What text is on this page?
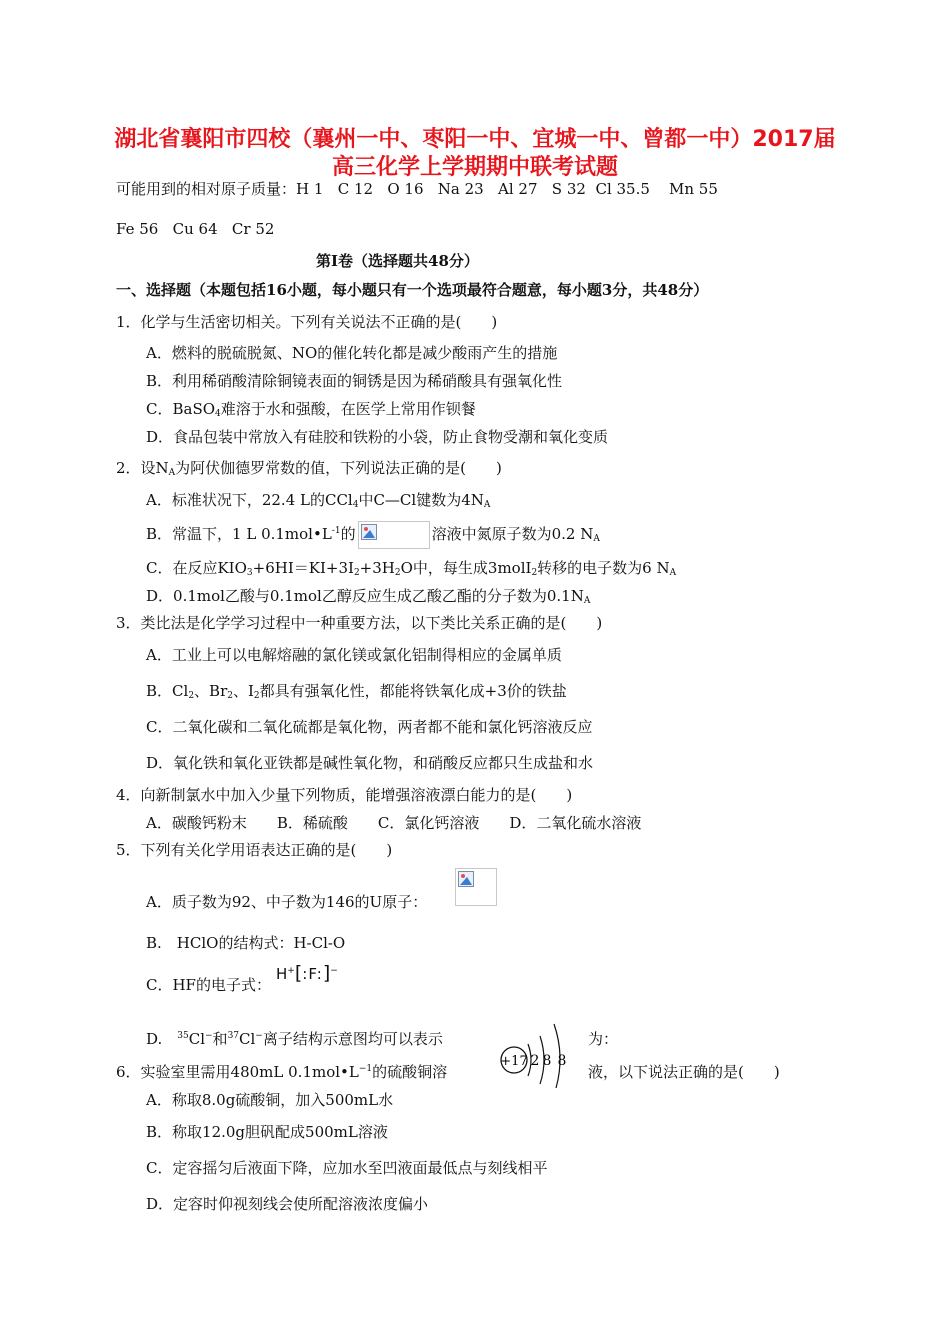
湖北省襄阳市四校（襄州一中、枣阳一中、宜城一中、曾都一中）2017届
高三化学上学期期中联考试题
可能用到的相对原子质量：H 1   C 12   O 16   Na 23   Al 27   S 32  Cl 35.5    Mn 55
Fe 56   Cu 64   Cr 52
第Ⅰ卷（选择题共48分）
一、选择题（本题包括16小题，每小题只有一个选项最符合题意，每小题3分，共48分）
1．化学与生活密切相关。下列有关说法不正确的是(　　)
A．燃料的脱硫脱氮、NO的催化转化都是减少酸雨产生的措施
B．利用稀硝酸清除铜镜表面的铜锈是因为稀硝酸具有强氧化性
C．BaSO$_4$难溶于水和强酸，在医学上常用作钡餐
D．食品包装中常放入有硅胶和铁粉的小袋，防止食物受潮和氧化变质
2．设$N_A$为阿伏伽德罗常数的值，下列说法正确的是(　　)
A．标准状况下，22.4 L的CCl$_4$中C—Cl键数为$4N_A$
B．常温下，1 L $0.1mol•L^{-1}$的	溶液中氮原子数为0.2 $N_A$
C．在反应$KIO_3+6HI=KI+3I_2+3H_2O$中，每生成3molI$_2$转移的电子数为6 $N_A$
D．0.1mol乙酸与0.1mol乙醇反应生成乙酸乙酯的分子数为$0.1N_A$
3．类比法是化学学习过程中一种重要方法，以下类比关系正确的是(　　)
A．工业上可以电解熔融的氯化镁或氯化铝制得相应的金属单质
B．$Cl_2$、$Br_2$、$I_2$都具有强氧化性，都能将铁氧化成+3价的铁盐
C．二氧化碳和二氧化硫都是氧化物，两者都不能和氯化钙溶液反应
D．氧化铁和氧化亚铁都是碱性氧化物，和硝酸反应都只生成盐和水
4．向新制氯水中加入少量下列物质，能增强溶液漂白能力的是(　　)
A．碳酸钙粉末　　B．稀硫酸　　C．氯化钙溶液　　D．二氧化硫水溶液
5．下列有关化学用语表达正确的是(　　)
A．质子数为92、中子数为146的U原子：
B.　HClO的结构式：H-Cl-O
C．HF的电子式：
H+[:F:]−
D.　$^{35}$Cl−和$^{37}$Cl−离子结构示意图均可以表示	为：
+17 2 8 8
6．实验室里需用480mL $0.1mol•L^{-1}$的硫酸铜溶	液，以下说法正确的是(　　)
A．称取8.0g硫酸铜，加入500mL水
B．称取12.0g胆矾配成500mL溶液
C．定容摇匀后液面下降，应加水至凹液面最低点与刻线相平
D．定容时仰视刻线会使所配溶液浓度偏小
